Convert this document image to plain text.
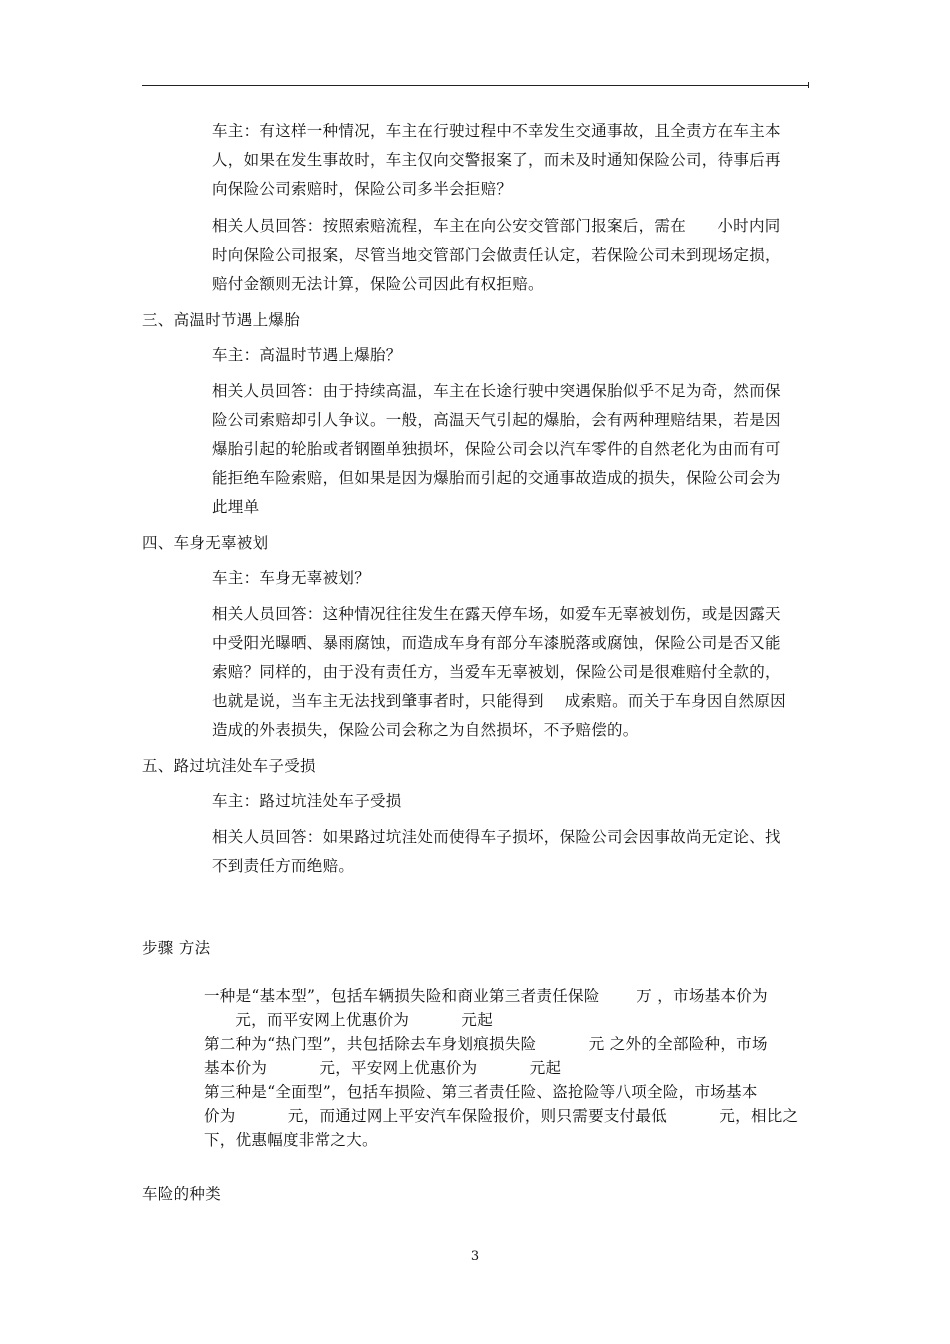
车主：有这样一种情况，车主在行驶过程中不幸发生交通事故，且全责方在车主本
人，如果在发生事故时，车主仅向交警报案了，而未及时通知保险公司，待事后再
向保险公司索赔时，保险公司多半会拒赔？
相关人员回答：按照索赔流程，车主在向公安交管部门报案后，需在      小时内同
时向保险公司报案，尽管当地交管部门会做责任认定，若保险公司未到现场定损，
赔付金额则无法计算，保险公司因此有权拒赔。
三、高温时节遇上爆胎
车主：高温时节遇上爆胎？
相关人员回答：由于持续高温，车主在长途行驶中突遇保胎似乎不足为奇，然而保
险公司索赔却引人争议。一般，高温天气引起的爆胎，会有两种理赔结果，若是因
爆胎引起的轮胎或者钢圈单独损坏，保险公司会以汽车零件的自然老化为由而有可
能拒绝车险索赔，但如果是因为爆胎而引起的交通事故造成的损失，保险公司会为
此埋单
四、车身无辜被划
车主：车身无辜被划？
相关人员回答：这种情况往往发生在露天停车场，如爱车无辜被划伤，或是因露天
中受阳光曝晒、暴雨腐蚀，而造成车身有部分车漆脱落或腐蚀，保险公司是否又能
索赔？同样的，由于没有责任方，当爱车无辜被划，保险公司是很难赔付全款的，
也就是说，当车主无法找到肇事者时，只能得到    成索赔。而关于车身因自然原因
造成的外表损失，保险公司会称之为自然损坏，不予赔偿的。
五、路过坑洼处车子受损
车主：路过坑洼处车子受损
相关人员回答：如果路过坑洼处而使得车子损坏，保险公司会因事故尚无定论、找
不到责任方而绝赔。
步骤 方法
一种是“基本型”，包括车辆损失险和商业第三者责任保险       万 ，市场基本价为
元，而平安网上优惠价为          元起
第二种为“热门型”，共包括除去车身划痕损失险          元 之外的全部险种，市场
基本价为          元，平安网上优惠价为          元起
第三种是“全面型”，包括车损险、第三者责任险、盗抢险等八项全险，市场基本
价为          元，而通过网上平安汽车保险报价，则只需要支付最低          元，相比之
下，优惠幅度非常之大。
车险的种类
3
